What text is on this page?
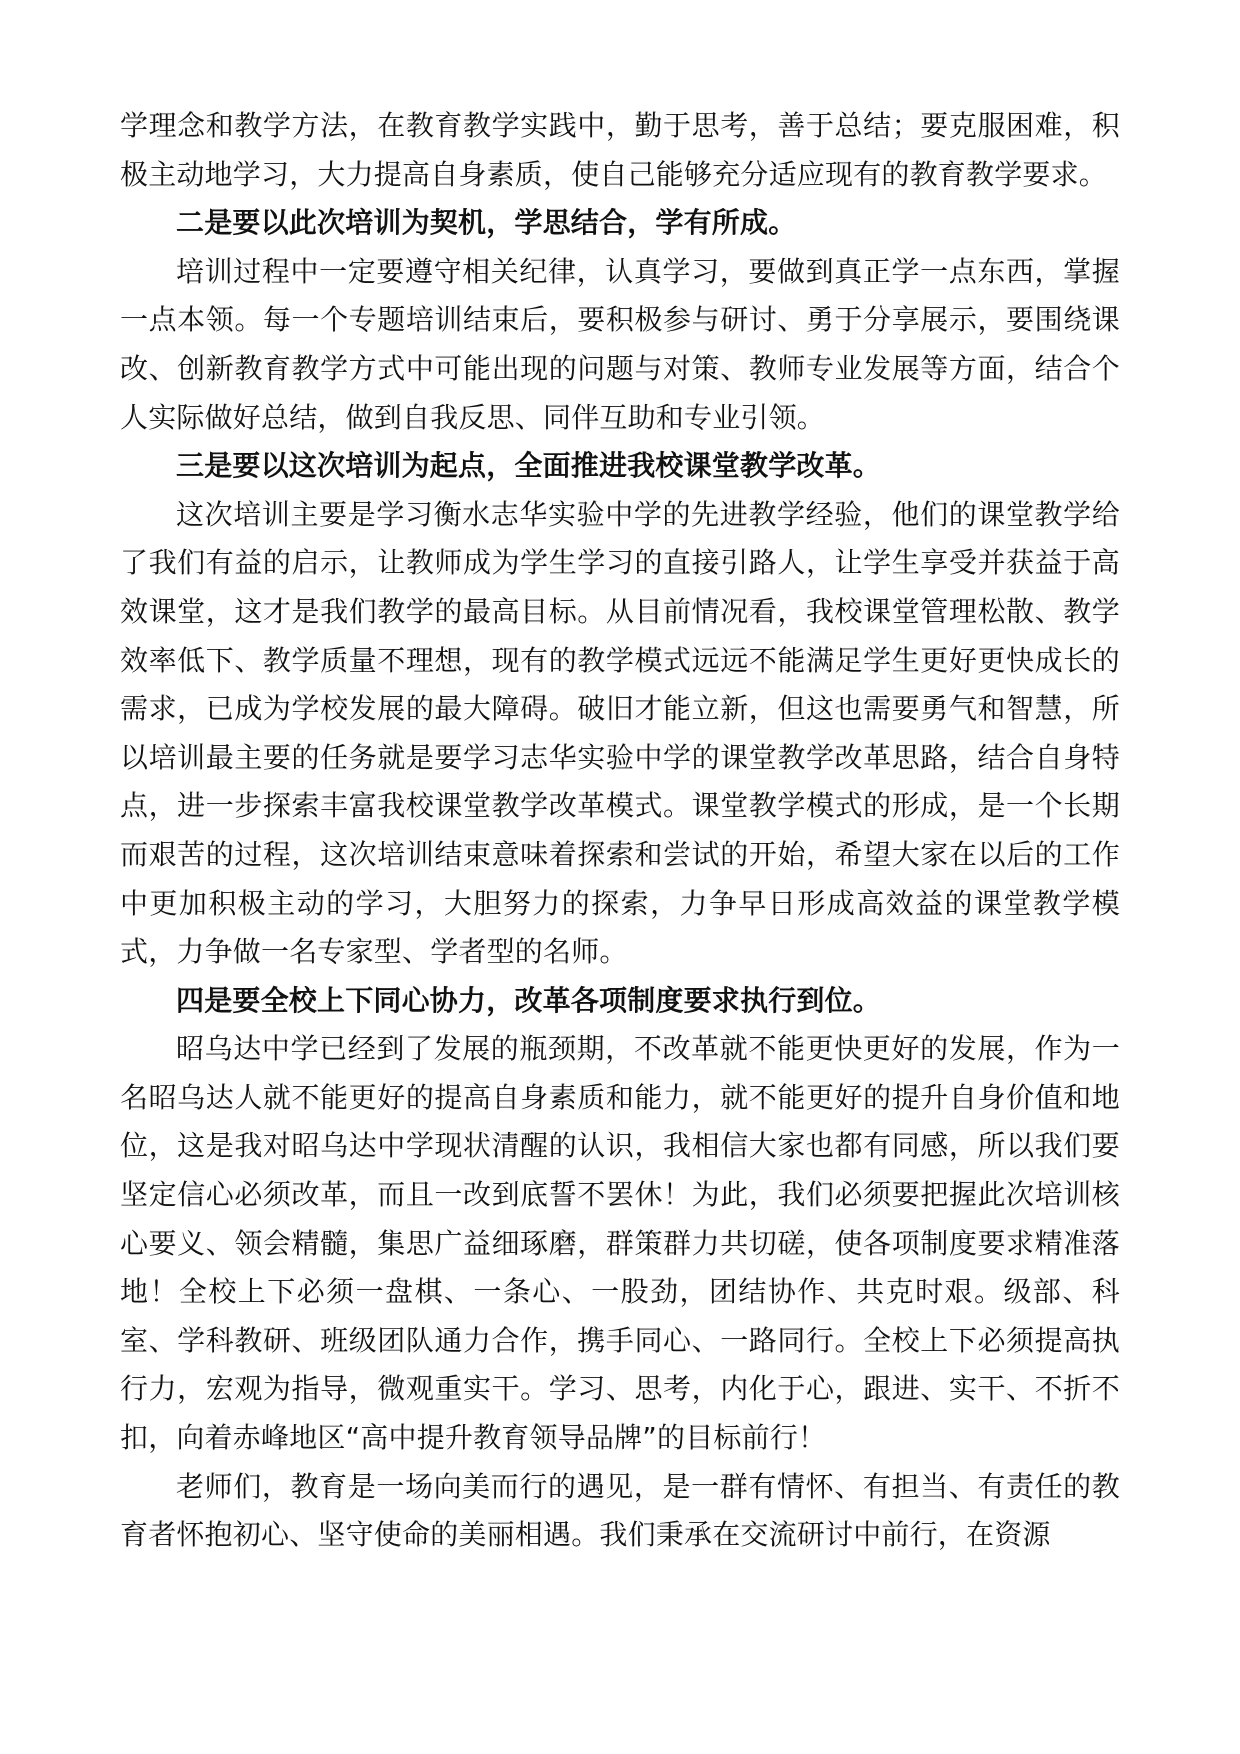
学理念和教学方法，在教育教学实践中，勤于思考，善于总结；要克服困难，积极主动地学习，大力提高自身素质，使自己能够充分适应现有的教育教学要求。

二是要以此次培训为契机，学思结合，学有所成。

培训过程中一定要遵守相关纪律，认真学习，要做到真正学一点东西，掌握一点本领。每一个专题培训结束后，要积极参与研讨、勇于分享展示，要围绕课改、创新教育教学方式中可能出现的问题与对策、教师专业发展等方面，结合个人实际做好总结，做到自我反思、同伴互助和专业引领。

三是要以这次培训为起点，全面推进我校课堂教学改革。

这次培训主要是学习衡水志华实验中学的先进教学经验，他们的课堂教学给了我们有益的启示，让教师成为学生学习的直接引路人，让学生享受并获益于高效课堂，这才是我们教学的最高目标。从目前情况看，我校课堂管理松散、教学效率低下、教学质量不理想，现有的教学模式远远不能满足学生更好更快成长的需求，已成为学校发展的最大障碍。破旧才能立新，但这也需要勇气和智慧，所以培训最主要的任务就是要学习志华实验中学的课堂教学改革思路，结合自身特点，进一步探索丰富我校课堂教学改革模式。课堂教学模式的形成，是一个长期而艰苦的过程，这次培训结束意味着探索和尝试的开始，希望大家在以后的工作中更加积极主动的学习，大胆努力的探索，力争早日形成高效益的课堂教学模式，力争做一名专家型、学者型的名师。

四是要全校上下同心协力，改革各项制度要求执行到位。

昭乌达中学已经到了发展的瓶颈期，不改革就不能更快更好的发展，作为一名昭乌达人就不能更好的提高自身素质和能力，就不能更好的提升自身价值和地位，这是我对昭乌达中学现状清醒的认识，我相信大家也都有同感，所以我们要坚定信心必须改革，而且一改到底誓不罢休！为此，我们必须要把握此次培训核心要义、领会精髓，集思广益细琢磨，群策群力共切磋，使各项制度要求精准落地！全校上下必须一盘棋、一条心、一股劲，团结协作、共克时艰。级部、科室、学科教研、班级团队通力合作，携手同心、一路同行。全校上下必须提高执行力，宏观为指导，微观重实干。学习、思考，内化于心，跟进、实干、不折不扣，向着赤峰地区“高中提升教育领导品牌”的目标前行！

老师们，教育是一场向美而行的遇见，是一群有情怀、有担当、有责任的教育者怀抱初心、坚守使命的美丽相遇。我们秉承在交流研讨中前行，在资源
